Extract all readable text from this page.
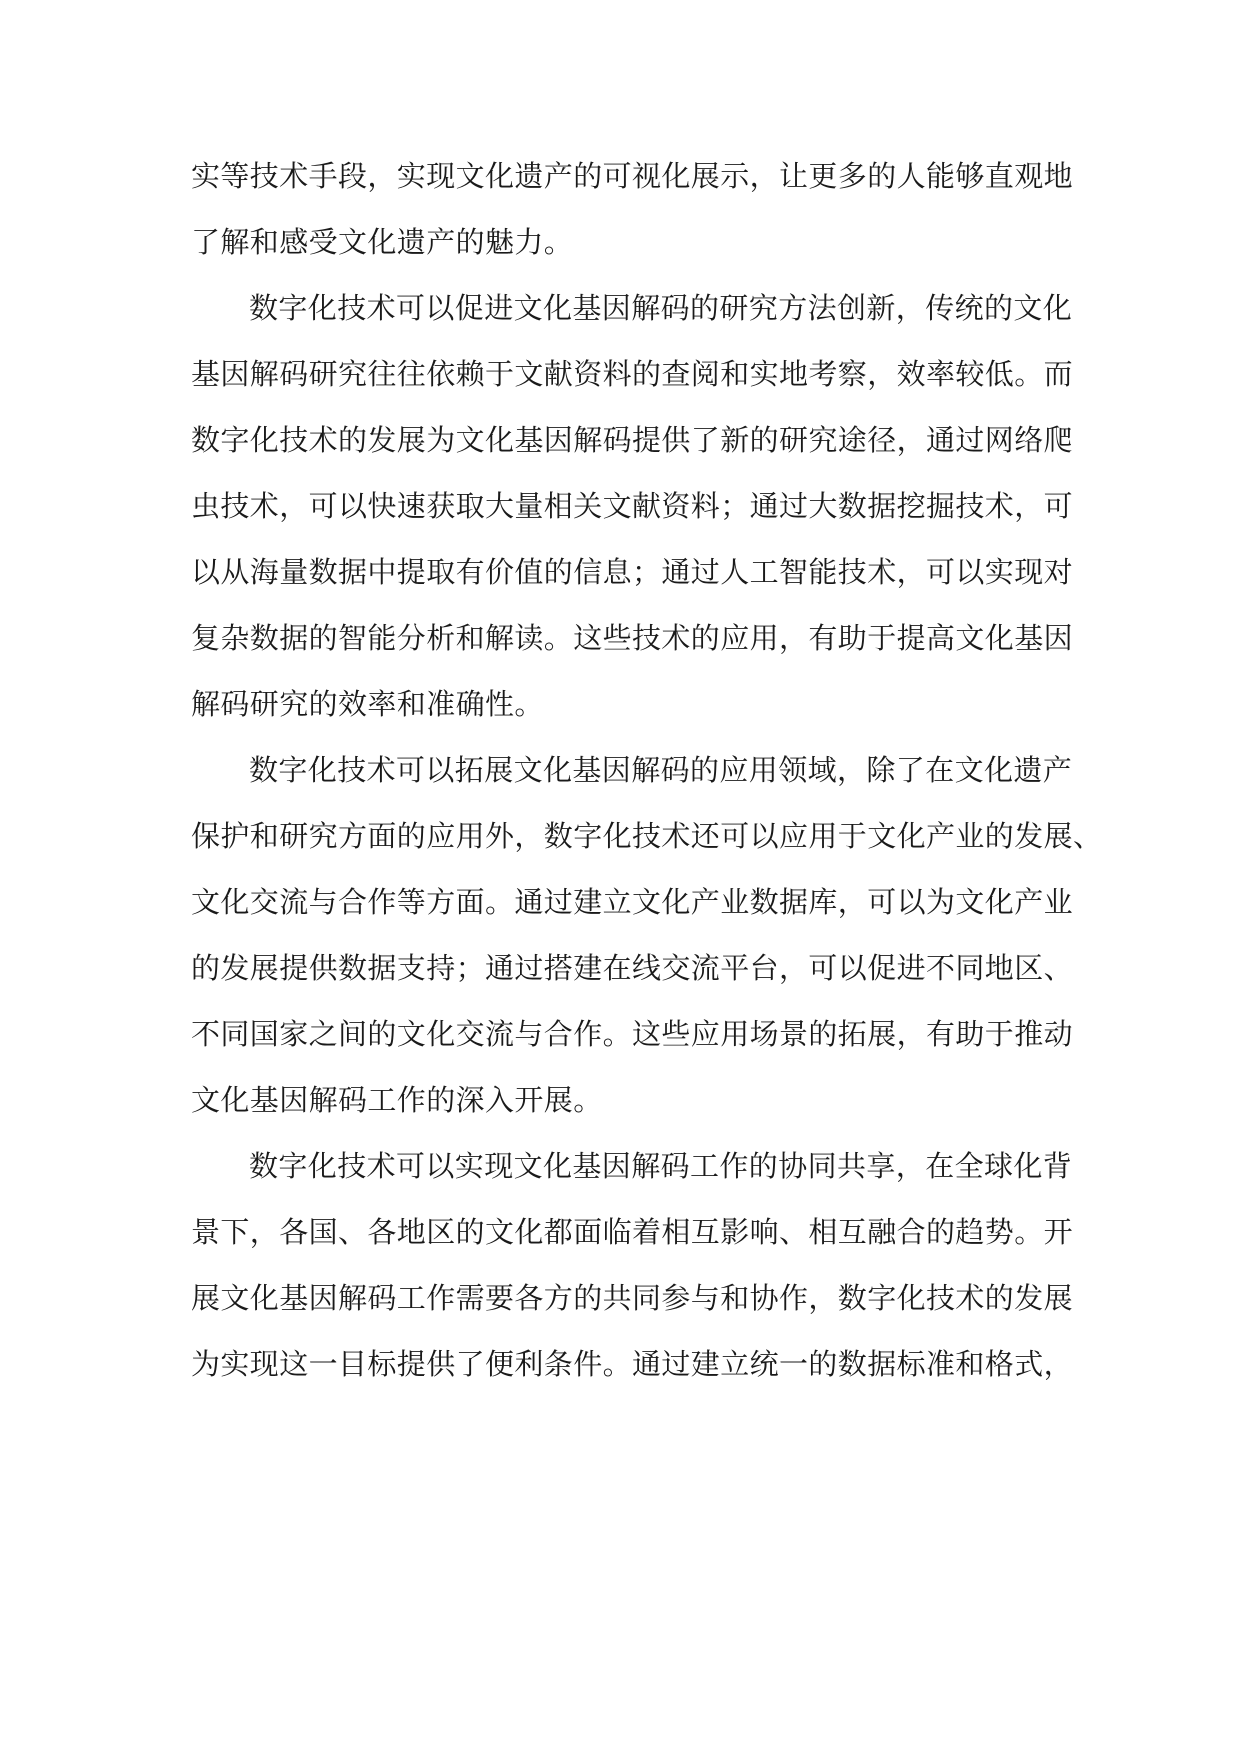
实等技术手段，实现文化遗产的可视化展示，让更多的人能够直观地
了解和感受文化遗产的魅力。
数字化技术可以促进文化基因解码的研究方法创新，传统的文化
基因解码研究往往依赖于文献资料的查阅和实地考察，效率较低。而
数字化技术的发展为文化基因解码提供了新的研究途径，通过网络爬
虫技术，可以快速获取大量相关文献资料；通过大数据挖掘技术，可
以从海量数据中提取有价值的信息；通过人工智能技术，可以实现对
复杂数据的智能分析和解读。这些技术的应用，有助于提高文化基因
解码研究的效率和准确性。
数字化技术可以拓展文化基因解码的应用领域，除了在文化遗产
保护和研究方面的应用外，数字化技术还可以应用于文化产业的发展、
文化交流与合作等方面。通过建立文化产业数据库，可以为文化产业
的发展提供数据支持；通过搭建在线交流平台，可以促进不同地区、
不同国家之间的文化交流与合作。这些应用场景的拓展，有助于推动
文化基因解码工作的深入开展。
数字化技术可以实现文化基因解码工作的协同共享，在全球化背
景下，各国、各地区的文化都面临着相互影响、相互融合的趋势。开
展文化基因解码工作需要各方的共同参与和协作，数字化技术的发展
为实现这一目标提供了便利条件。通过建立统一的数据标准和格式，
